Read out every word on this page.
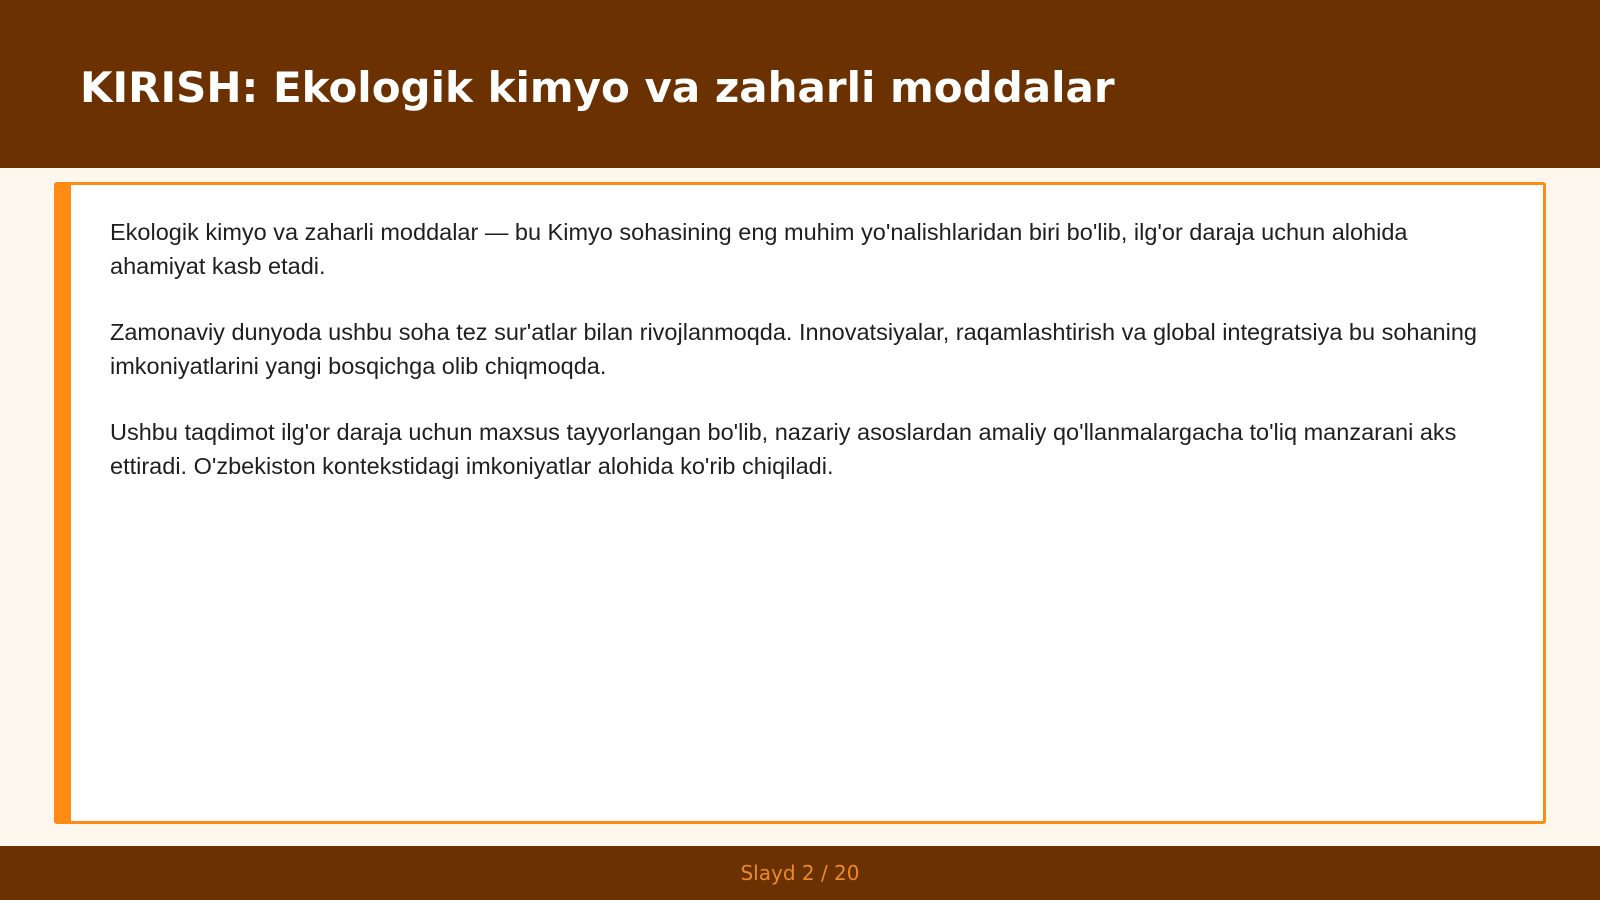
KIRISH: Ekologik kimyo va zaharli moddalar

Ekologik kimyo va zaharli moddalar — bu Kimyo sohasining eng muhim yo'nalishlaridan biri bo'lib, ilg'or daraja uchun alohida ahamiyat kasb etadi.

Zamonaviy dunyoda ushbu soha tez sur'atlar bilan rivojlanmoqda. Innovatsiyalar, raqamlashtirish va global integratsiya bu sohaning imkoniyatlarini yangi bosqichga olib chiqmoqda.

Ushbu taqdimot ilg'or daraja uchun maxsus tayyorlangan bo'lib, nazariy asoslardan amaliy qo'llanmalargacha to'liq manzarani aks ettiradi. O'zbekiston kontekstidagi imkoniyatlar alohida ko'rib chiqiladi.

Slayd 2 / 20
